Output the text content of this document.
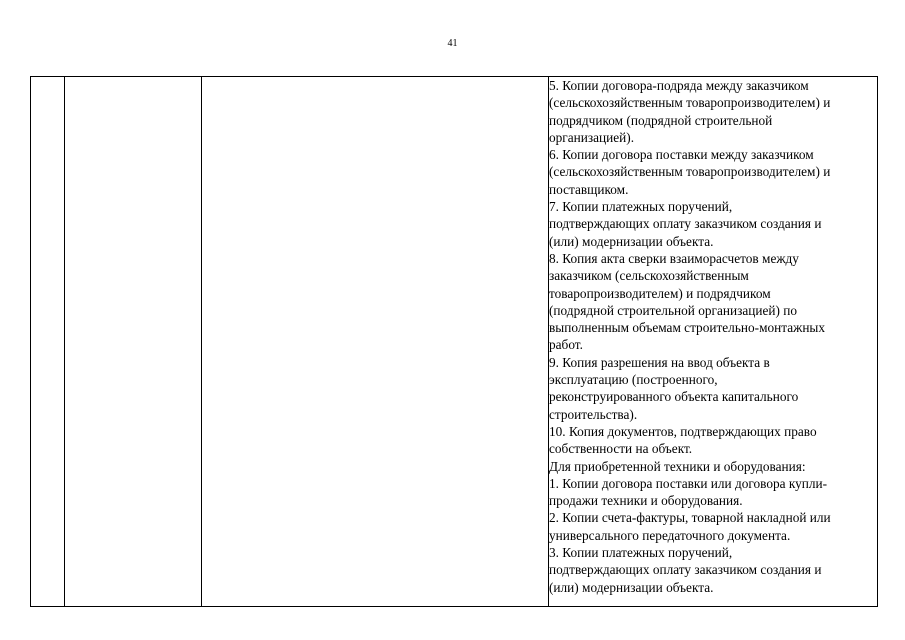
41

5. Копии договора-подряда между заказчиком
(сельскохозяйственным товаропроизводителем) и
подрядчиком (подрядной строительной
организацией).
6. Копии договора поставки между заказчиком
(сельскохозяйственным товаропроизводителем) и
поставщиком.
7. Копии платежных поручений,
подтверждающих оплату заказчиком создания и
(или) модернизации объекта.
8. Копия акта сверки взаиморасчетов между
заказчиком (сельскохозяйственным
товаропроизводителем) и подрядчиком
(подрядной строительной организацией) по
выполненным объемам строительно-монтажных
работ.
9. Копия разрешения на ввод объекта в
эксплуатацию (построенного,
реконструированного объекта капитального
строительства).
10. Копия документов, подтверждающих право
собственности на объект.
Для приобретенной техники и оборудования:
1. Копии договора поставки или договора купли-
продажи техники и оборудования.
2. Копии счета-фактуры, товарной накладной или
универсального передаточного документа.
3. Копии платежных поручений,
подтверждающих оплату заказчиком создания и
(или) модернизации объекта.
